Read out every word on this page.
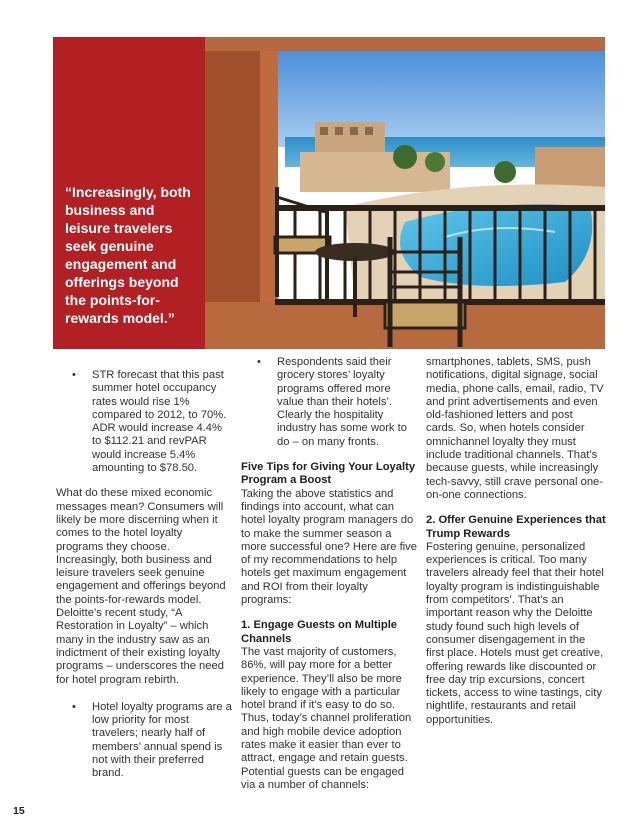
“Increasingly, both business and leisure travelers seek genuine engagement and offerings beyond the points-for-rewards model.”

• STR forecast that this past summer hotel occupancy rates would rise 1% compared to 2012, to 70%. ADR would increase 4.4% to $112.21 and revPAR would increase 5.4% amounting to $78.50.

What do these mixed economic messages mean? Consumers will likely be more discerning when it comes to the hotel loyalty programs they choose. Increasingly, both business and leisure travelers seek genuine engagement and offerings beyond the points-for-rewards model. Deloitte’s recent study, “A Restoration in Loyalty” – which many in the industry saw as an indictment of their existing loyalty programs – underscores the need for hotel program rebirth.

• Hotel loyalty programs are a low priority for most travelers; nearly half of members’ annual spend is not with their preferred brand.

• Respondents said their grocery stores’ loyalty programs offered more value than their hotels’. Clearly the hospitality industry has some work to do – on many fronts.

Five Tips for Giving Your Loyalty Program a Boost

Taking the above statistics and findings into account, what can hotel loyalty program managers do to make the summer season a more successful one? Here are five of my recommendations to help hotels get maximum engagement and ROI from their loyalty programs:

1. Engage Guests on Multiple Channels

The vast majority of customers, 86%, will pay more for a better experience. They’ll also be more likely to engage with a particular hotel brand if it’s easy to do so. Thus, today’s channel proliferation and high mobile device adoption rates make it easier than ever to attract, engage and retain guests. Potential guests can be engaged via a number of channels:

smartphones, tablets, SMS, push notifications, digital signage, social media, phone calls, email, radio, TV and print advertisements and even old-fashioned letters and post cards. So, when hotels consider omnichannel loyalty they must include traditional channels. That’s because guests, while increasingly tech-savvy, still crave personal one-on-one connections.

2. Offer Genuine Experiences that Trump Rewards

Fostering genuine, personalized experiences is critical. Too many travelers already feel that their hotel loyalty program is indistinguishable from competitors’. That’s an important reason why the Deloitte study found such high levels of consumer disengagement in the first place. Hotels must get creative, offering rewards like discounted or free day trip excursions, concert tickets, access to wine tastings, city nightlife, restaurants and retail opportunities.

15
